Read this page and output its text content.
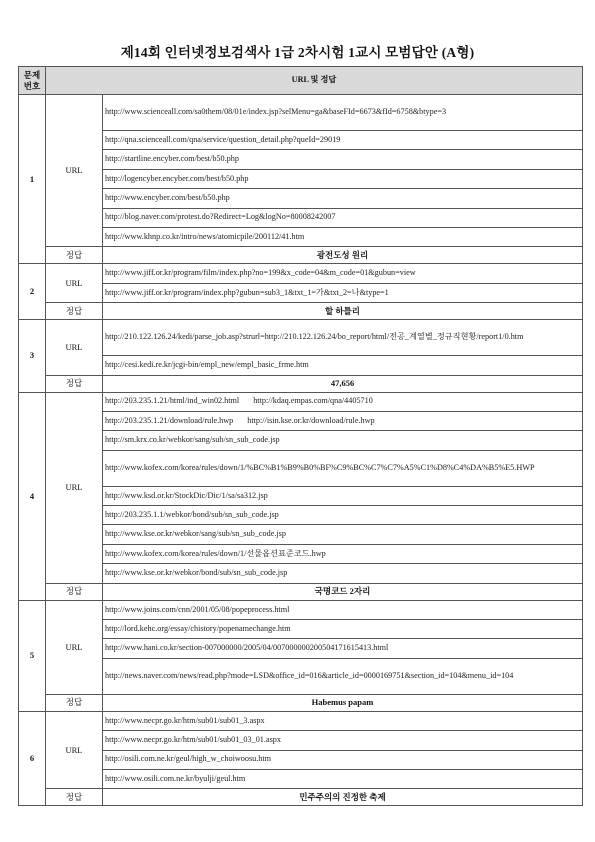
제14회 인터넷정보검색사 1급 2차시험 1교시 모범답안 (A형)
문제
번호	URL 및 정답	
1	URL	http://www.scienceall.com/sa0them/08/01e/index.jsp?selMenu=ga&baseFId=6673&fId=6758&btype=3
		http://qna.scienceall.com/qna/service/question_detail.php?queId=29019
		http://startline.encyber.com/best/b50.php
		http://logencyber.encyber.com/best/b50.php
		http://www.encyber.com/best/b50.php
		http://blog.naver.com/protest.do?Redirect=Log&logNo=80008242007
		http://www.khnp.co.kr/intro/news/atomicpile/200112/41.htm
	정답	광전도성 원리
2	URL	http://www.jiff.or.kr/program/film/index.php?no=199&x_code=04&m_code=01&gubun=view
		http://www.jiff.or.kr/program/index.php?gubun=sub3_1&txt_1=가&txt_2=나&type=1
	정답	할 하틀리
3	URL	http://210.122.126.24/kedi/parse_job.asp?strurl=http://210.122.126.24/bo_report/html/전공_계열별_정규직현황/report1/0.htm
		http://cesi.kedi.re.kr/jcgi-bin/empl_new/empl_basic_frme.htm
	정답	47,656
4	URL	http://203.235.1.21/html/ind_win02.html http://kdaq.empas.com/qna/4405710
		http://203.235.1.21/download/rule.hwp http://isin.kse.or.kr/download/rule.hwp
		http://sm.krx.co.kr/webkor/sang/sub/sn_sub_code.jsp
		http://www.kofex.com/korea/rules/down/1/%BC%B1%B9%B0%BF%C9%BC%C7%C7%A5%C1%D8%C4%DA%B5%E5.HWP
		http://www.ksd.or.kr/StockDic/Dic/1/sa/sa312.jsp
		http://203.235.1.1/webkor/bond/sub/sn_sub_code.jsp
		http://www.kse.or.kr/webkor/sang/sub/sn_sub_code.jsp
		http://www.kofex.com/korea/rules/down/1/선물옵션표준코드.hwp
		http://www.kse.or.kr/webkor/bond/sub/sn_sub_code.jsp
	정답	국명코드 2자리
5	URL	http://www.joins.com/cnn/2001/05/08/popeprocess.html
		http://lord.kehc.org/essay/chistory/popenamechange.htm
		http://www.hani.co.kr/section-007000000/2005/04/007000000200504171615413.html
		http://news.naver.com/news/read.php?mode=LSD&office_id=016&article_id=0000169751&section_id=104&menu_id=104
	정답	Habemus papam
6	URL	http://www.necpr.go.kr/htm/sub01/sub01_3.aspx
		http://www.necpr.go.kr/htm/sub01/sub01_03_01.aspx
		http://osili.com.ne.kr/geul/high_w_choiwoosu.htm
		http://www.osili.com.ne.kr/byulji/geul.htm
	정답	민주주의의 진정한 축제
